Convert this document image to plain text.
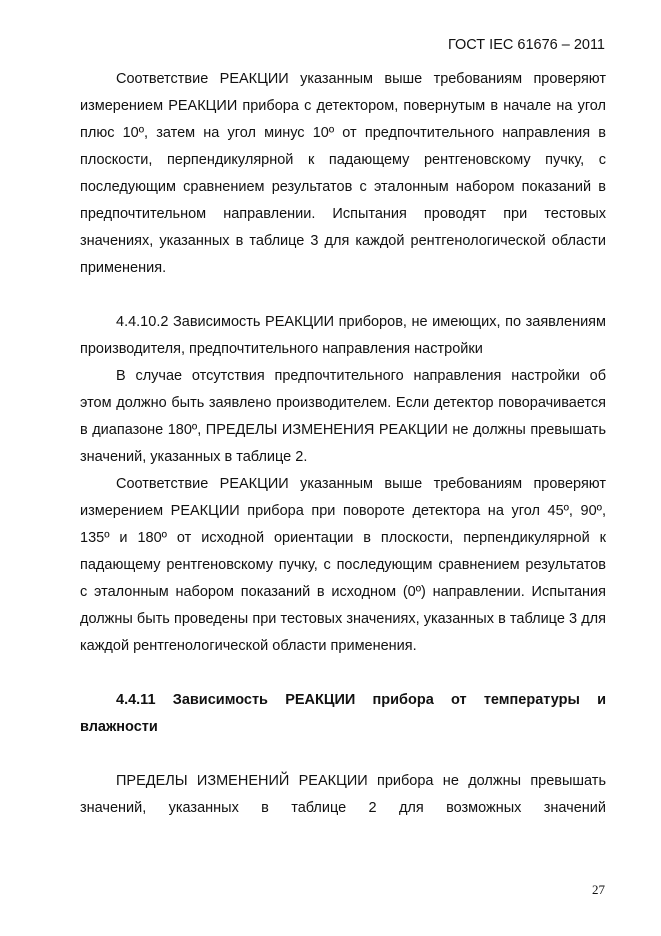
ГОСТ IEC 61676 – 2011

Соответствие РЕАКЦИИ указанным выше требованиям проверяют измерением РЕАКЦИИ прибора с детектором, повернутым в начале на угол плюс 10º, затем на угол минус 10º от предпочтительного направления в плоскости, перпендикулярной к падающему рентгеновскому пучку, с последующим сравнением результатов с эталонным набором показаний в предпочтительном направлении. Испытания проводят при тестовых значениях, указанных в таблице 3 для каждой рентгенологической области применения.

4.4.10.2 Зависимость РЕАКЦИИ приборов, не имеющих, по заявлениям производителя, предпочтительного направления настройки

В случае отсутствия предпочтительного направления настройки об этом должно быть заявлено производителем. Если детектор поворачивается в диапазоне 180º, ПРЕДЕЛЫ ИЗМЕНЕНИЯ РЕАКЦИИ не должны превышать значений, указанных в таблице 2.

Соответствие РЕАКЦИИ указанным выше требованиям проверяют измерением РЕАКЦИИ прибора при повороте детектора на угол 45º, 90º, 135º и 180º от исходной ориентации в плоскости, перпендикулярной к падающему рентгеновскому пучку, с последующим сравнением результатов с эталонным набором показаний в исходном (0º) направлении. Испытания должны быть проведены при тестовых значениях, указанных в таблице 3 для каждой рентгенологической области применения.

4.4.11 Зависимость РЕАКЦИИ прибора от температуры и влажности

ПРЕДЕЛЫ ИЗМЕНЕНИЙ РЕАКЦИИ прибора не должны превышать значений, указанных в таблице 2 для возможных значений

27
